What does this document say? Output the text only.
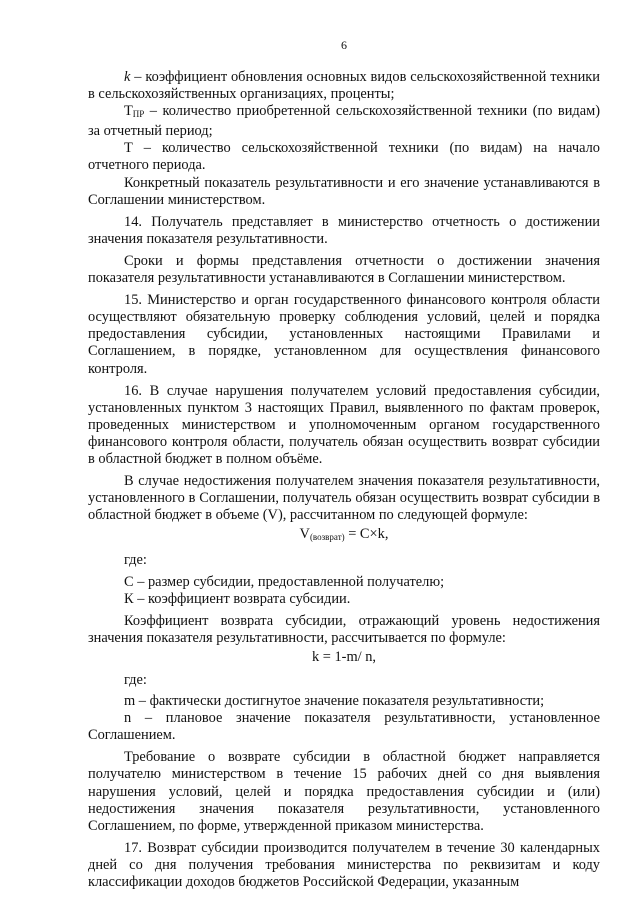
6

k – коэффициент обновления основных видов сельскохозяйственной техники в сельскохозяйственных организациях, проценты;

$Т_{ПР}$ – количество приобретенной сельскохозяйственной техники (по видам) за отчетный период;

Т – количество сельскохозяйственной техники (по видам) на начало отчетного периода.

Конкретный показатель результативности и его значение устанавливаются в Соглашении министерством.

14. Получатель представляет в министерство отчетность о достижении значения показателя результативности.

Сроки и формы представления отчетности о достижении значения показателя результативности устанавливаются в Соглашении министерством.

15. Министерство и орган государственного финансового контроля области осуществляют обязательную проверку соблюдения условий, целей и порядка предоставления субсидии, установленных настоящими Правилами и Соглашением, в порядке, установленном для осуществления финансового контроля.

16. В случае нарушения получателем условий предоставления субсидии, установленных пунктом 3 настоящих Правил, выявленного по фактам проверок, проведенных министерством и уполномоченным органом государственного финансового контроля области, получатель обязан осуществить возврат субсидии в областной бюджет в полном объёме.

В случае недостижения получателем значения показателя результативности, установленного в Соглашении, получатель обязан осуществить возврат субсидии в областной бюджет в объеме (V), рассчитанном по следующей формуле:

$V_{(возврат)} = C\times k$,

где:

С – размер субсидии, предоставленной получателю;

К – коэффициент возврата субсидии.

Коэффициент возврата субсидии, отражающий уровень недостижения значения показателя результативности, рассчитывается по формуле:

k = 1-m/ n,

где:

m – фактически достигнутое значение показателя результативности;

n – плановое значение показателя результативности, установленное Соглашением.

Требование о возврате субсидии в областной бюджет направляется получателю министерством в течение 15 рабочих дней со дня выявления нарушения условий, целей и порядка предоставления субсидии и (или) недостижения значения показателя результативности, установленного Соглашением, по форме, утвержденной приказом министерства.

17. Возврат субсидии производится получателем в течение 30 календарных дней со дня получения требования министерства по реквизитам и коду классификации доходов бюджетов Российской Федерации, указанным
